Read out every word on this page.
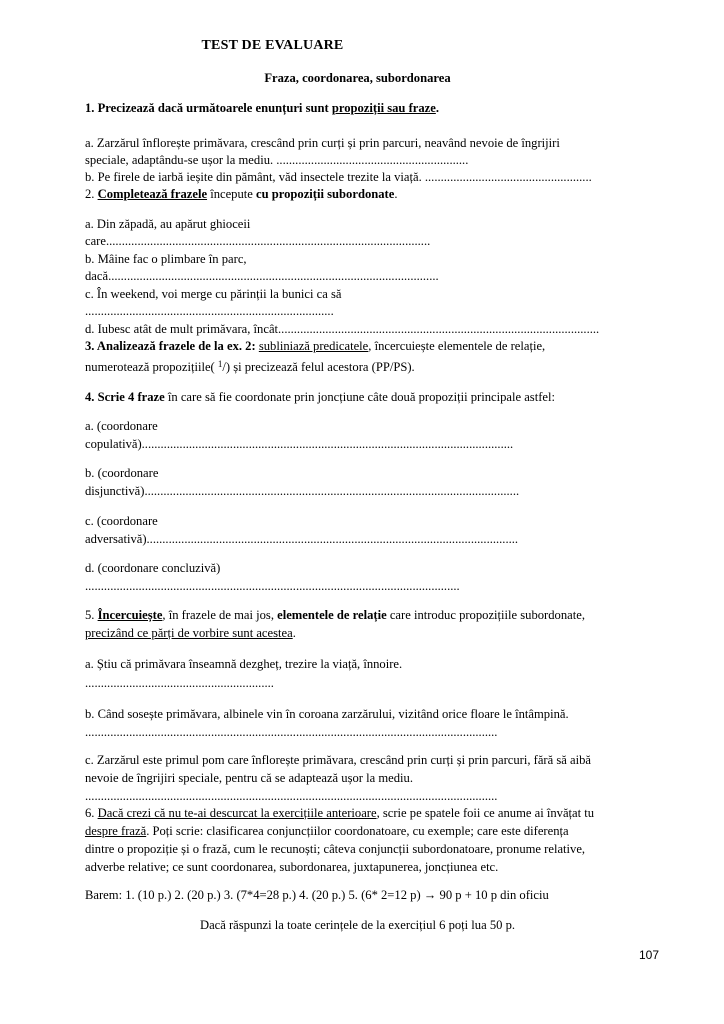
TEST DE EVALUARE
Fraza, coordonarea, subordonarea
1. Precizează dacă următoarele enunțuri sunt propoziții sau fraze.
a. Zarzărul înflorește primăvara, crescând prin curți și prin parcuri, neavând nevoie de îngrijiri
speciale, adaptându-se ușor la mediu. .............................................................
b. Pe firele de iarbă ieșite din pământ, văd insectele trezite la viață. .....................................................
2. Completează frazele începute cu propoziții subordonate.
a. Din zăpadă, au apărut ghioceii
care.......................................................................................................
b. Mâine fac o plimbare în parc,
dacă.........................................................................................................
c. În weekend, voi merge cu părinții la bunici ca să
...............................................................................
d. Iubesc atât de mult primăvara, încât......................................................................................................
3. Analizează frazele de la ex. 2: subliniază predicatele, încercuiește elementele de relație,
numerotează propozițiile( $^1$/) și precizează felul acestora (PP/PS).
4. Scrie 4 fraze în care să fie coordonate prin joncțiune câte două propoziții principale astfel:
a. (coordonare
copulativă)......................................................................................................................
b. (coordonare
disjunctivă).......................................................................................................................
c. (coordonare
adversativă)......................................................................................................................
d. (coordonare concluzivă)
.......................................................................................................................
5. Încercuiește, în frazele de mai jos, elementele de relație care introduc propozițiile subordonate,
precizând ce părți de vorbire sunt acestea.
a. Știu că primăvara înseamnă dezgheț, trezire la viață, înnoire.
............................................................
b. Când sosește primăvara, albinele vin în coroana zarzărului, vizitând orice floare le întâmpină.
...................................................................................................................................
c. Zarzărul este primul pom care înflorește primăvara, crescând prin curți și prin parcuri, fără să aibă
nevoie de îngrijiri speciale, pentru că se adaptează ușor la mediu.
...................................................................................................................................
6. Dacă crezi că nu te-ai descurcat la exercițiile anterioare, scrie pe spatele foii ce anume ai învățat tu
despre frază. Poți scrie: clasificarea conjuncțiilor coordonatoare, cu exemple; care este diferența
dintre o propoziție și o frază, cum le recunoști; câteva conjuncții subordonatoare, pronume relative,
adverbe relative; ce sunt coordonarea, subordonarea, juxtapunerea, joncțiunea etc.
Barem: 1. (10 p.) 2. (20 p.) 3. (7*4=28 p.) 4. (20 p.) 5. (6* 2=12 p) → 90 p + 10 p din oficiu
Dacă răspunzi la toate cerințele de la exercițiul 6 poți lua 50 p.
107
